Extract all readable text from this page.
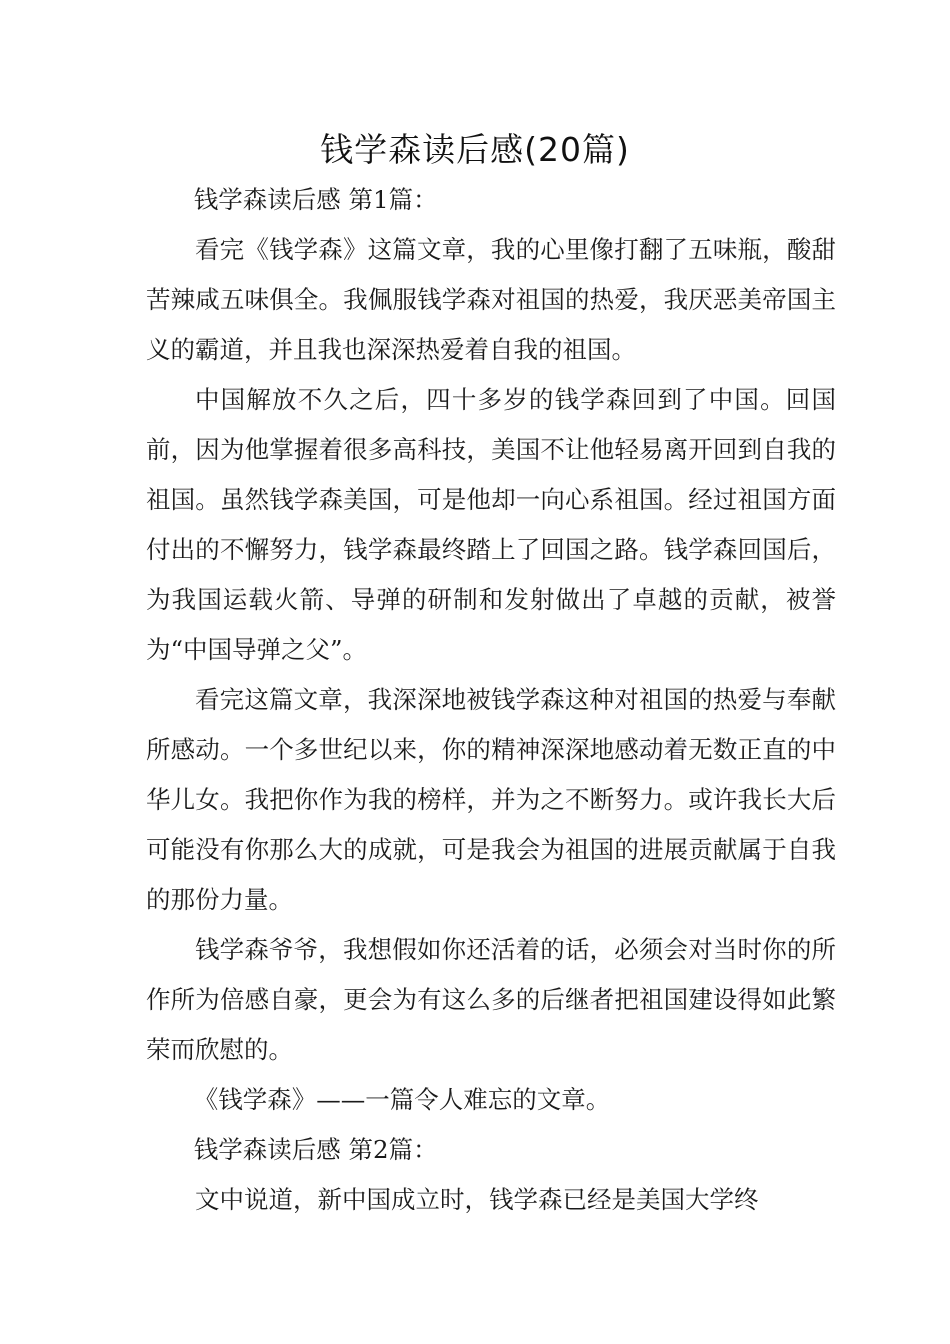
钱学森读后感(20篇)

钱学森读后感 第1篇：

看完《钱学森》这篇文章，我的心里像打翻了五味瓶，酸甜苦辣咸五味俱全。我佩服钱学森对祖国的热爱，我厌恶美帝国主义的霸道，并且我也深深热爱着自我的祖国。

中国解放不久之后，四十多岁的钱学森回到了中国。回国前，因为他掌握着很多高科技，美国不让他轻易离开回到自我的祖国。虽然钱学森美国，可是他却一向心系祖国。经过祖国方面付出的不懈努力，钱学森最终踏上了回国之路。钱学森回国后，为我国运载火箭、导弹的研制和发射做出了卓越的贡献，被誉为“中国导弹之父”。

看完这篇文章，我深深地被钱学森这种对祖国的热爱与奉献所感动。一个多世纪以来，你的精神深深地感动着无数正直的中华儿女。我把你作为我的榜样，并为之不断努力。或许我长大后可能没有你那么大的成就，可是我会为祖国的进展贡献属于自我的那份力量。

钱学森爷爷，我想假如你还活着的话，必须会对当时你的所作所为倍感自豪，更会为有这么多的后继者把祖国建设得如此繁荣而欣慰的。

《钱学森》——一篇令人难忘的文章。

钱学森读后感 第2篇：

文中说道，新中国成立时，钱学森已经是美国大学终
